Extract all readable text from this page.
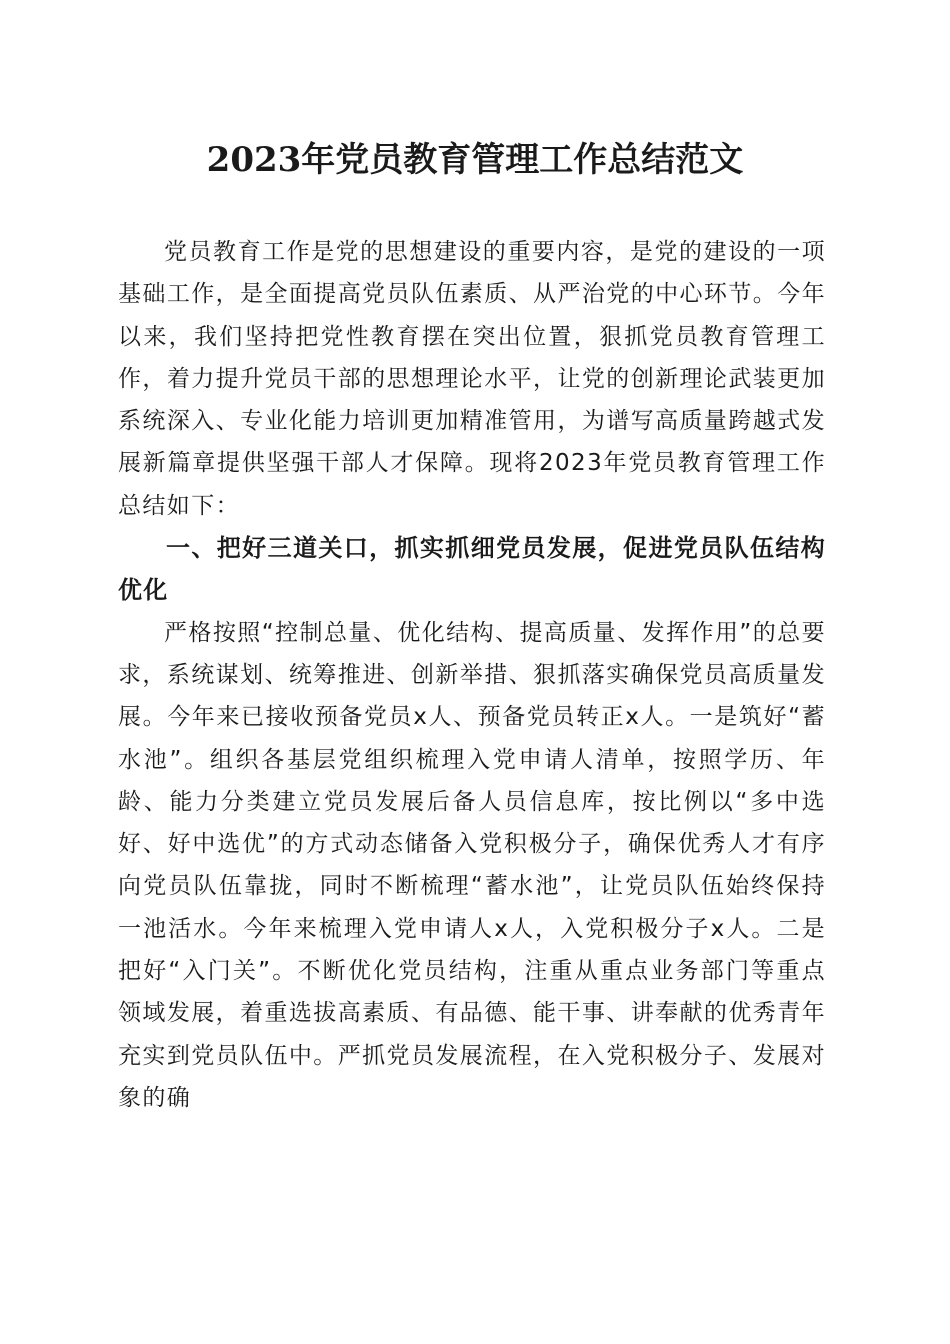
2023年党员教育管理工作总结范文

党员教育工作是党的思想建设的重要内容，是党的建设的一项基础工作，是全面提高党员队伍素质、从严治党的中心环节。今年以来，我们坚持把党性教育摆在突出位置，狠抓党员教育管理工作，着力提升党员干部的思想理论水平，让党的创新理论武装更加系统深入、专业化能力培训更加精准管用，为谱写高质量跨越式发展新篇章提供坚强干部人才保障。现将2023年党员教育管理工作总结如下：

一、把好三道关口，抓实抓细党员发展，促进党员队伍结构优化

严格按照“控制总量、优化结构、提高质量、发挥作用”的总要求，系统谋划、统筹推进、创新举措、狠抓落实确保党员高质量发展。今年来已接收预备党员x人、预备党员转正x人。一是筑好“蓄水池”。组织各基层党组织梳理入党申请人清单，按照学历、年龄、能力分类建立党员发展后备人员信息库，按比例以“多中选好、好中选优”的方式动态储备入党积极分子，确保优秀人才有序向党员队伍靠拢，同时不断梳理“蓄水池”，让党员队伍始终保持一池活水。今年来梳理入党申请人x人，入党积极分子x人。二是把好“入门关”。不断优化党员结构，注重从重点业务部门等重点领域发展，着重选拔高素质、有品德、能干事、讲奉献的优秀青年充实到党员队伍中。严抓党员发展流程，在入党积极分子、发展对象的确
